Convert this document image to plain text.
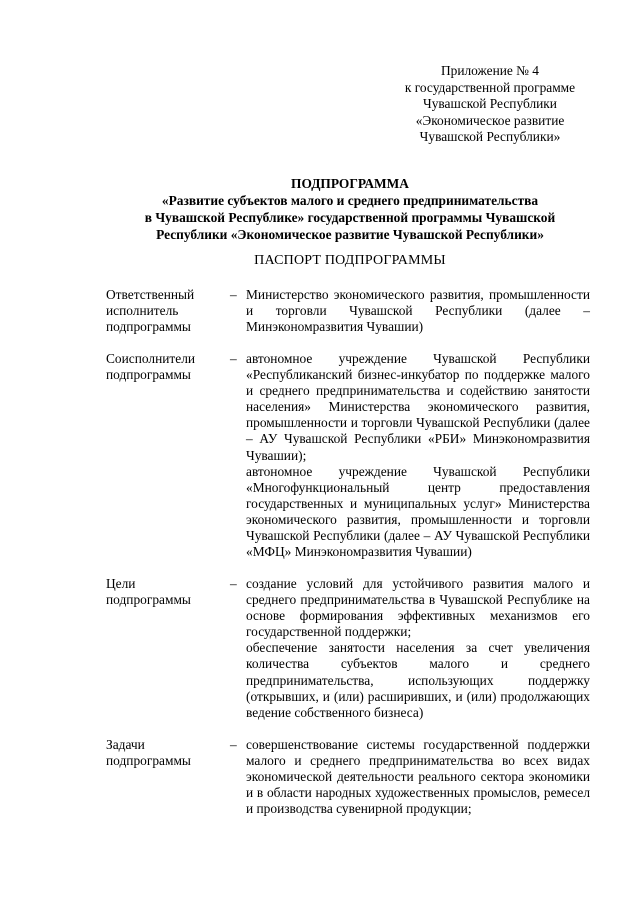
Приложение № 4
к государственной программе
Чувашской Республики
«Экономическое развитие
Чувашской Республики»
ПОДПРОГРАММА
«Развитие субъектов малого и среднего предпринимательства
в Чувашской Республике» государственной программы Чувашской
Республики «Экономическое развитие Чувашской Республики»
ПАСПОРТ ПОДПРОГРАММЫ
Ответственный исполнитель подпрограммы
– Министерство экономического развития, промышленности и торговли Чувашской Республики (далее – Минэкономразвития Чувашии)

Соисполнители подпрограммы
– автономное учреждение Чувашской Республики «Республиканский бизнес-инкубатор по поддержке малого и среднего предпринимательства и содействию занятости населения» Министерства экономического развития, промышленности и торговли Чувашской Республики (далее – АУ Чувашской Республики «РБИ» Минэкономразвития Чувашии);

автономное учреждение Чувашской Республики «Многофункциональный центр предоставления государственных и муниципальных услуг» Министерства экономического развития, промышленности и торговли Чувашской Республики (далее – АУ Чувашской Республики «МФЦ» Минэкономразвития Чувашии)

Цели подпрограммы
– создание условий для устойчивого развития малого и среднего предпринимательства в Чувашской Республике на основе формирования эффективных механизмов его государственной поддержки;

обеспечение занятости населения за счет увеличения количества субъектов малого и среднего предпринимательства, использующих поддержку (открывших, и (или) расширивших, и (или) продолжающих ведение собственного бизнеса)

Задачи подпрограммы
– совершенствование системы государственной поддержки малого и среднего предпринимательства во всех видах экономической деятельности реального сектора экономики и в области народных художественных промыслов, ремесел и производства сувенирной продукции;
